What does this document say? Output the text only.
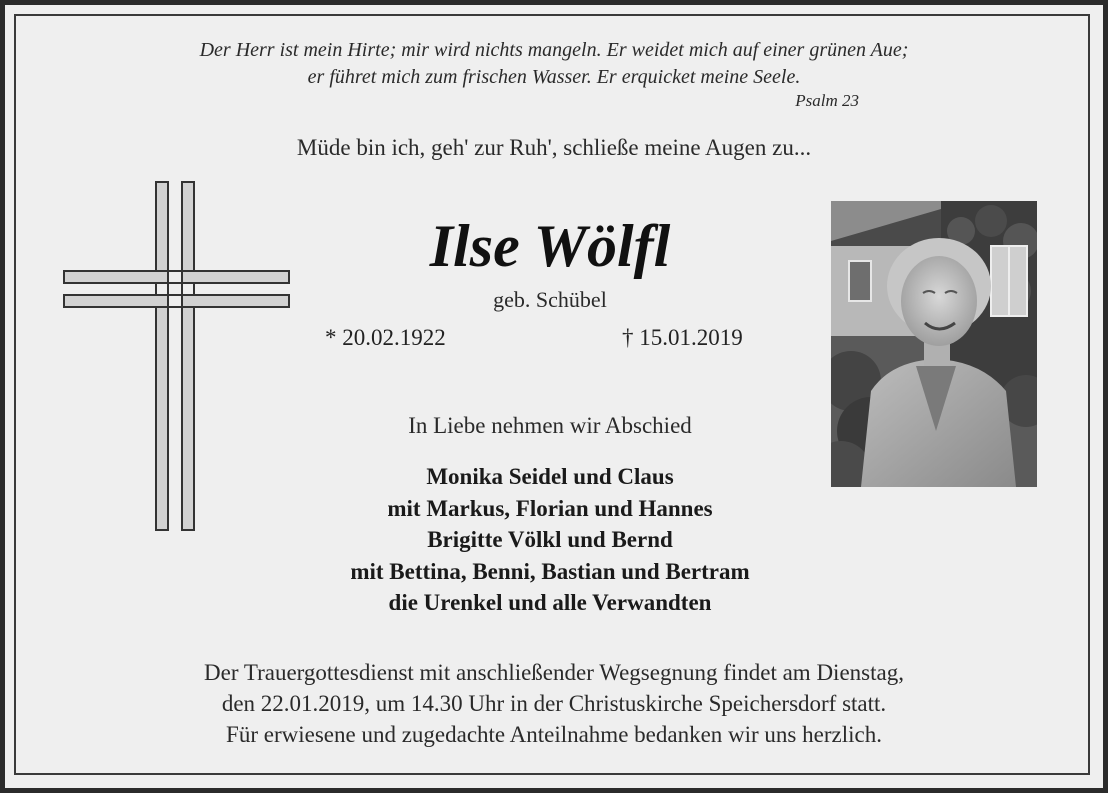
Der Herr ist mein Hirte; mir wird nichts mangeln. Er weidet mich auf einer grünen Aue;
er führet mich zum frischen Wasser. Er erquicket meine Seele.
Psalm 23
Müde bin ich, geh' zur Ruh', schließe meine Augen zu...
Ilse Wölfl
geb. Schübel
* 20.02.1922	† 15.01.2019
In Liebe nehmen wir Abschied
Monika Seidel und Claus
mit Markus, Florian und Hannes
Brigitte Völkl und Bernd
mit Bettina, Benni, Bastian und Bertram
die Urenkel und alle Verwandten
Der Trauergottesdienst mit anschließender Wegsegnung findet am Dienstag,
den 22.01.2019, um 14.30 Uhr in der Christuskirche Speichersdorf statt.
Für erwiesene und zugedachte Anteilnahme bedanken wir uns herzlich.
